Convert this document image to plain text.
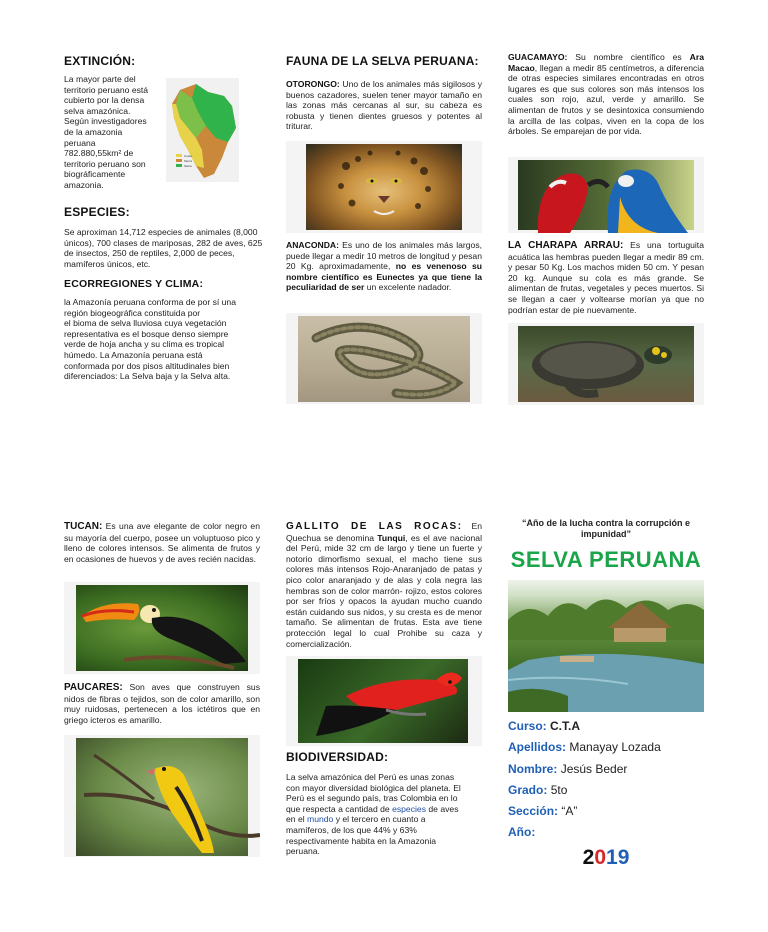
EXTINCIÓN:
La mayor parte del
territorio peruano está
cubierto por la densa
selva amazónica.
Según investigadores
de la amazonia
peruana
782.880,55km² de
territorio peruano son
biográficamente
amazonia.
Costa
Sierra
Selva
ESPECIES:
Se aproximan 14,712 especies de animales (8,000 únicos), 700 clases de mariposas, 282 de aves, 625 de insectos, 250 de reptiles, 2,000 de peces, mamíferos únicos, etc.
ECORREGIONES Y CLIMA:
la Amazonía peruana conforma de por sí una
región biogeográfica constituida por
el bioma de selva lluviosa cuya vegetación
representativa es el bosque denso siempre
verde de hoja ancha y su clima es tropical
húmedo. La Amazonía peruana está
conformada por dos pisos altitudinales bien
diferenciados: La Selva baja y la Selva alta.
FAUNA DE LA SELVA PERUANA:
OTORONGO: Uno de los animales más sigilosos y buenos cazadores, suelen tener mayor tamaño en las zonas más cercanas al sur, su cabeza es robusta y tienen dientes gruesos y potentes al triturar.
ANACONDA: Es uno de los animales más largos, puede llegar a medir 10 metros de longitud y pesan 20 Kg. aproximadamente, no es venenoso su nombre científico es Eunectes ya que tiene la peculiaridad de ser un excelente nadador.
GUACAMAYO: Su nombre científico es Ara Macao, llegan a medir 85 centímetros, a diferencia de otras especies similares encontradas en otros lugares es que sus colores son más intensos los cuales son rojo, azul, verde y amarillo. Se alimentan de frutos y se desintoxica consumiendo la arcilla de las colpas, viven en la copa de los árboles. Se emparejan de por vida.
LA CHARAPA ARRAU: Es una tortuguita acuática las hembras pueden llegar a medir 89 cm. y pesar 50 Kg. Los machos miden 50 cm. Y pesan 20 kg. Aunque su cola es más grande. Se alimentan de frutas, vegetales y peces muertos. Si se llegan a caer y voltearse morían ya que no podrían estar de pie nuevamente.
TUCAN: Es una ave elegante de color negro en su mayoría del cuerpo, posee un voluptuoso pico y lleno de colores intensos. Se alimenta de frutos y en ocasiones de huevos y de aves recién nacidas.
PAUCARES: Son aves que construyen sus nidos de fibras o tejidos, son de color amarillo, son muy ruidosas, pertenecen a los ictétiros que en griego icteros es amarillo.
GALLITO DE LAS ROCAS: En Quechua se denomina Tunqui, es el ave nacional del Perú, mide 32 cm de largo y tiene un fuerte y notorio dimorfismo sexual, el macho tiene sus colores más intensos Rojo-Anaranjado de patas y pico color anaranjado y de alas y cola negra las hembras son de color marrón- rojizo, estos colores por ser fríos y opacos la ayudan mucho cuando están cuidando sus nidos, y su cresta es de menor tamaño. Se alimentan de frutas. Esta ave tiene protección legal lo cual Prohibe su caza y comercialización.
BIODIVERSIDAD:
La selva amazónica del Perú es unas zonas
con mayor diversidad biológica del planeta. El
Perú es el segundo país, tras Colombia en lo
que respecta a cantidad de especies de aves
en el mundo y el tercero en cuanto a
mamíferos, de los que 44% y 63%
respectivamente habita en la Amazonia
peruana.
“Año de la lucha contra la corrupción e impunidad”
SELVA PERUANA
Curso: C.T.A
Apellidos: Manayay Lozada
Nombre: Jesús Beder
Grado: 5to
Sección: “A”
Año:
2019
